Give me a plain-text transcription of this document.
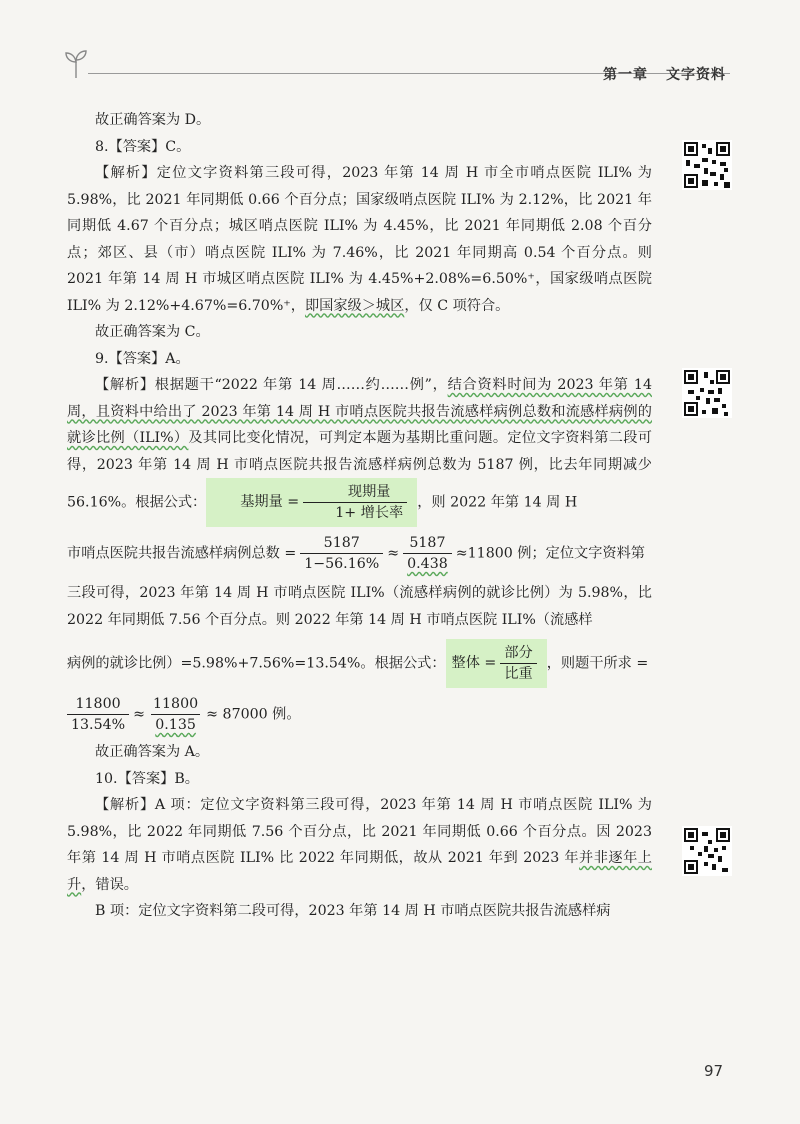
第一章 文字资料

故正确答案为 D。

8.【答案】C。

【解析】定位文字资料第三段可得，2023 年第 14 周 H 市全市哨点医院 ILI% 为 5.98%，比 2021 年同期低 0.66 个百分点；国家级哨点医院 ILI% 为 2.12%，比 2021 年同期低 4.67 个百分点；城区哨点医院 ILI% 为 4.45%，比 2021 年同期低 2.08 个百分点；郊区、县（市）哨点医院 ILI% 为 7.46%，比 2021 年同期高 0.54 个百分点。则 2021 年第 14 周 H 市城区哨点医院 ILI% 为 4.45%+2.08%=6.50%⁺，国家级哨点医院 ILI% 为 2.12%+4.67%=6.70%⁺，即国家级＞城区，仅 C 项符合。

故正确答案为 C。

9.【答案】A。

【解析】根据题干“2022 年第 14 周……约……例”，结合资料时间为 2023 年第 14 周，且资料中给出了 2023 年第 14 周 H 市哨点医院共报告流感样病例总数和流感样病例的就诊比例（ILI%）及其同比变化情况，可判定本题为基期比重问题。定位文字资料第二段可得，2023 年第 14 周 H 市哨点医院共报告流感样病例总数为 5187 例，比去年同期减少 56.16%。根据公式：	基期量 = $\frac{\text{现期量}}{\text{1+ 增长率}}$ ，则 2022 年第 14 周 H

市哨点医院共报告流感样病例总数 = $\frac{5187}{1-56.16\%} \approx \frac{5187}{0.438} \approx 11800$ 例；定位文字资料第

三段可得，2023 年第 14 周 H 市哨点医院 ILI%（流感样病例的就诊比例）为 5.98%，比 2022 年同期低 7.56 个百分点。则 2022 年第 14 周 H 市哨点医院 ILI%（流感样

病例的就诊比例）=5.98%+7.56%=13.54%。根据公式： 整体 = $\frac{\text{部分}}{\text{比重}}$ ，则题干所求 =

$\frac{11800}{13.54\%} \approx \frac{11800}{0.135} \approx 87000$ 例。

故正确答案为 A。

10.【答案】B。

【解析】A 项：定位文字资料第三段可得，2023 年第 14 周 H 市哨点医院 ILI% 为 5.98%，比 2022 年同期低 7.56 个百分点，比 2021 年同期低 0.66 个百分点。因 2023 年第 14 周 H 市哨点医院 ILI% 比 2022 年同期低，故从 2021 年到 2023 年并非逐年上升，错误。

B 项：定位文字资料第二段可得，2023 年第 14 周 H 市哨点医院共报告流感样病

97
